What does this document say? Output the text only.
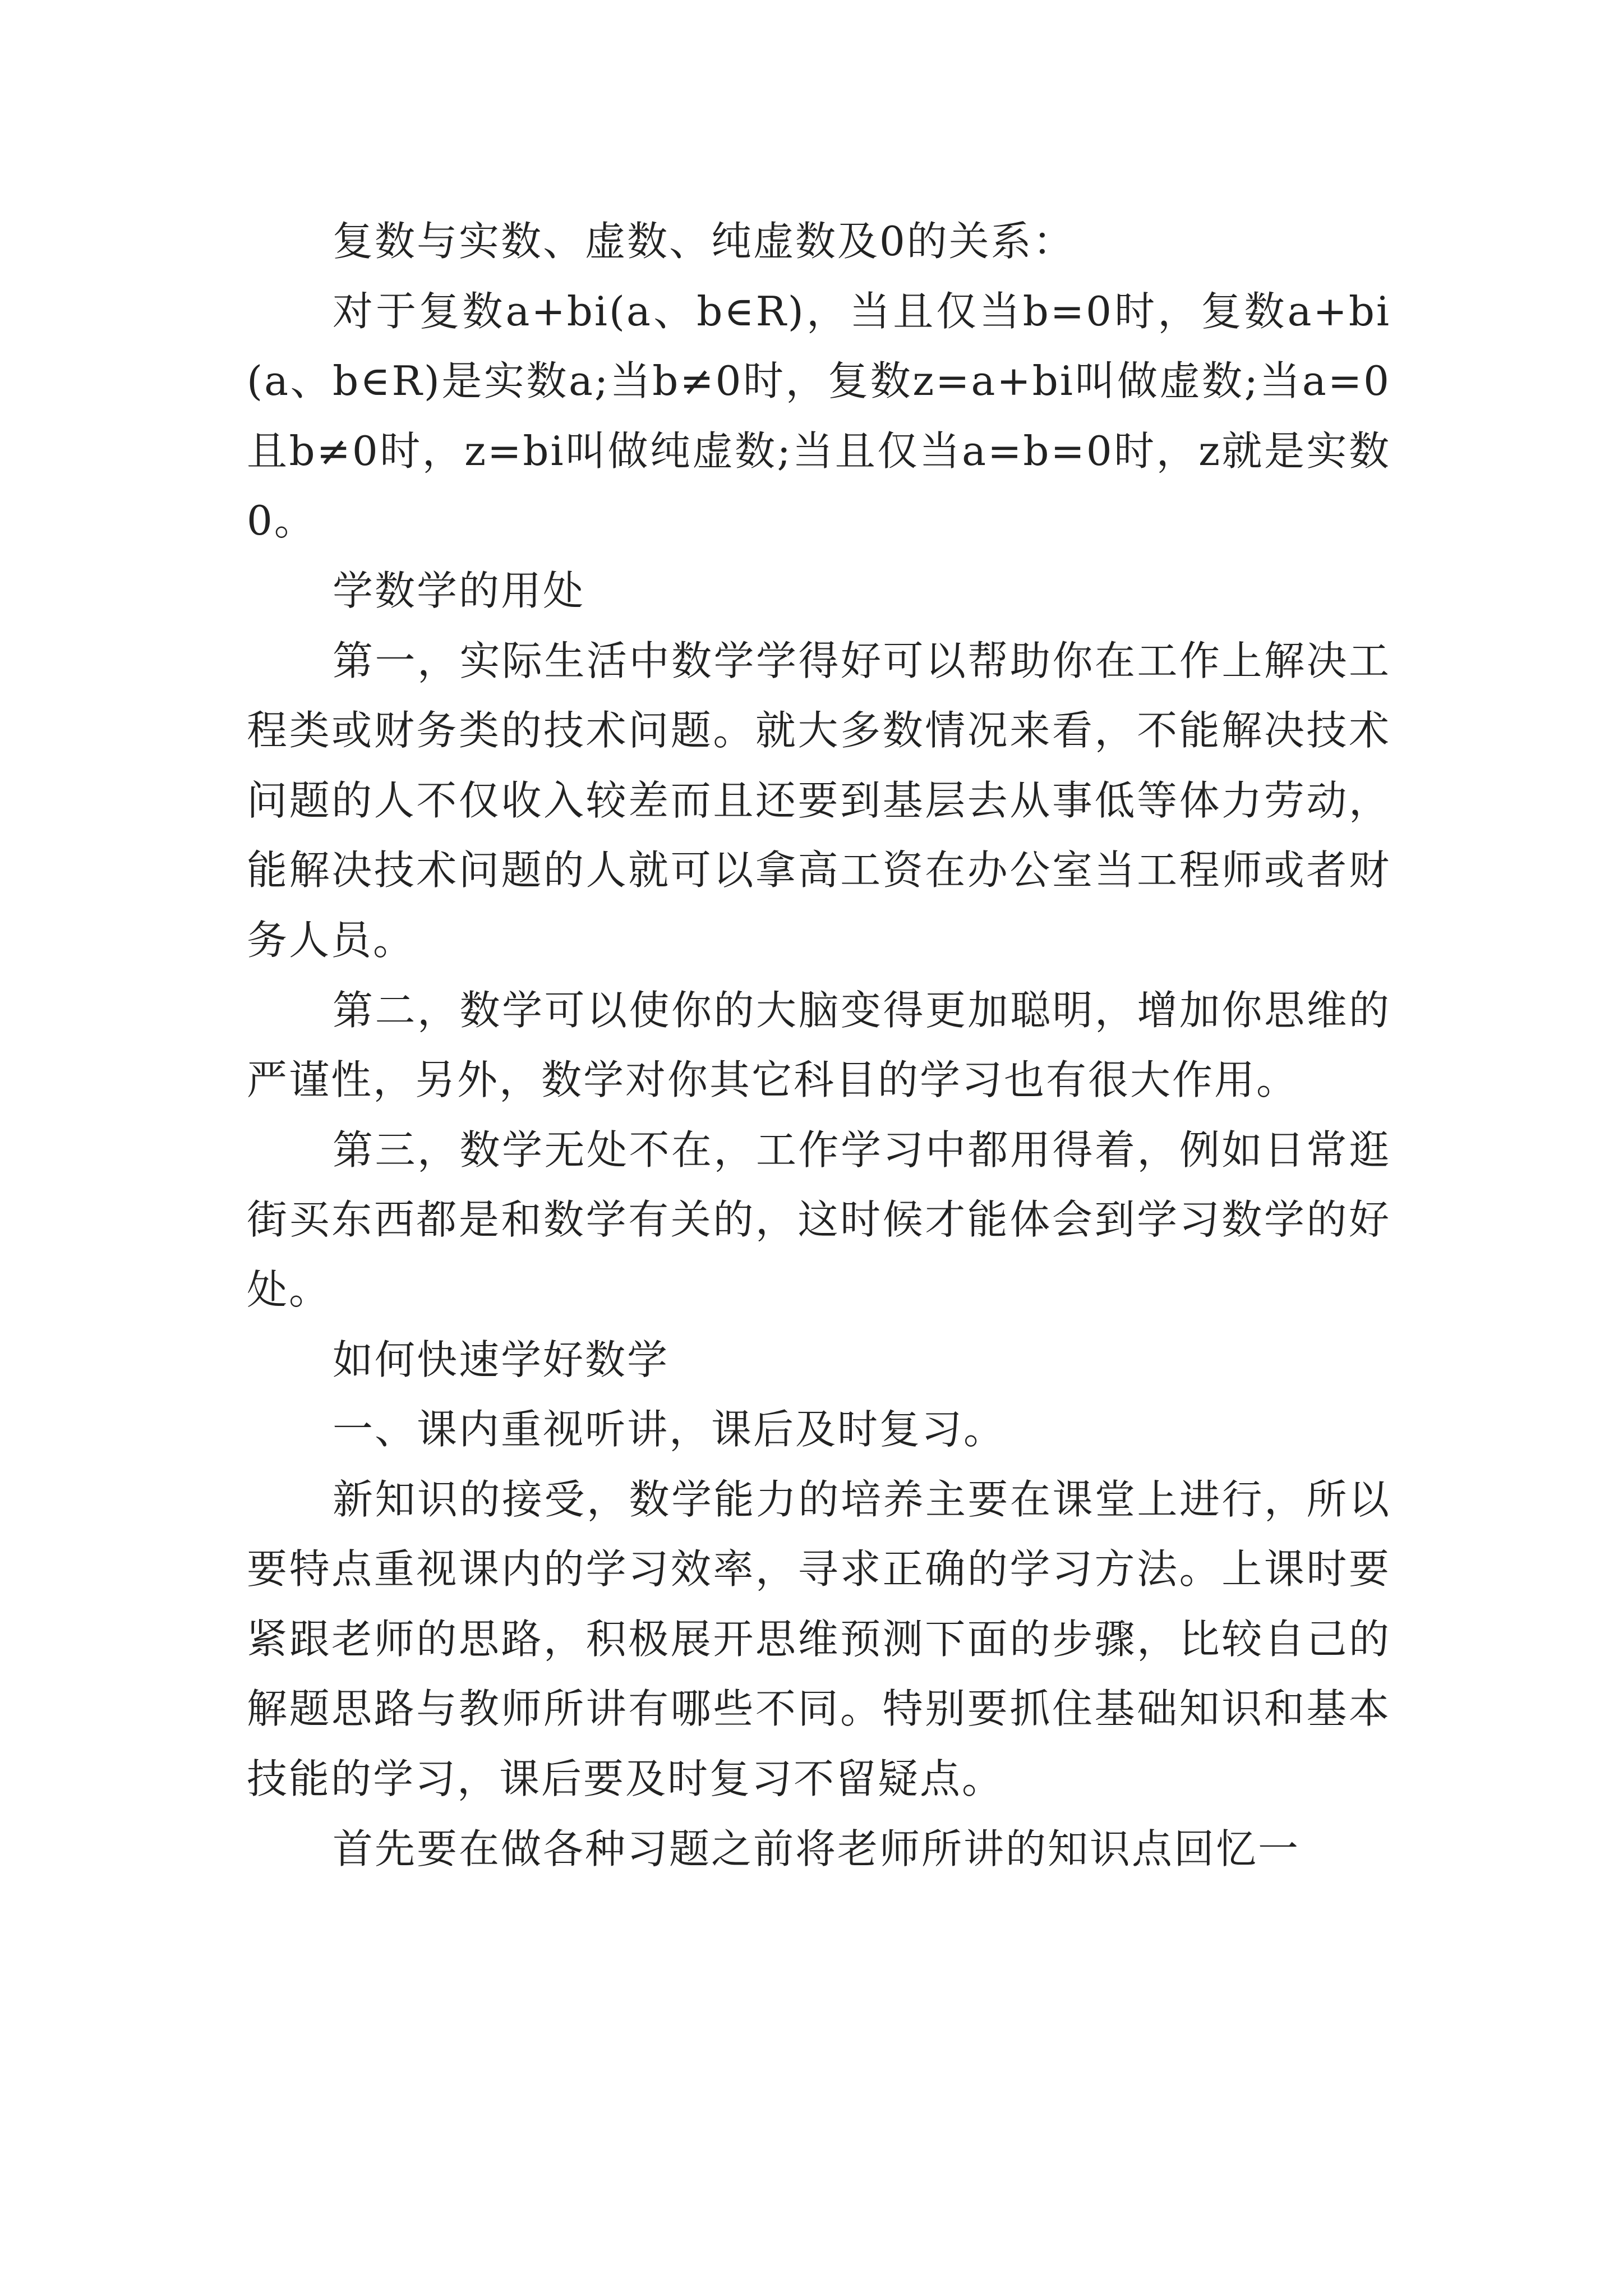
复数与实数、虚数、纯虚数及0的关系：

对于复数a+bi(a、b∈R)，当且仅当b=0时，复数a+bi(a、b∈R)是实数a;当b≠0时，复数z=a+bi叫做虚数;当a=0且b≠0时，z=bi叫做纯虚数;当且仅当a=b=0时，z就是实数0。

学数学的用处

第一，实际生活中数学学得好可以帮助你在工作上解决工程类或财务类的技术问题。就大多数情况来看，不能解决技术问题的人不仅收入较差而且还要到基层去从事低等体力劳动，能解决技术问题的人就可以拿高工资在办公室当工程师或者财务人员。

第二，数学可以使你的大脑变得更加聪明，增加你思维的严谨性，另外，数学对你其它科目的学习也有很大作用。

第三，数学无处不在，工作学习中都用得着，例如日常逛街买东西都是和数学有关的，这时候才能体会到学习数学的好处。

如何快速学好数学

一、课内重视听讲，课后及时复习。

新知识的接受，数学能力的培养主要在课堂上进行，所以要特点重视课内的学习效率，寻求正确的学习方法。上课时要紧跟老师的思路，积极展开思维预测下面的步骤，比较自己的解题思路与教师所讲有哪些不同。特别要抓住基础知识和基本技能的学习，课后要及时复习不留疑点。

首先要在做各种习题之前将老师所讲的知识点回忆一
